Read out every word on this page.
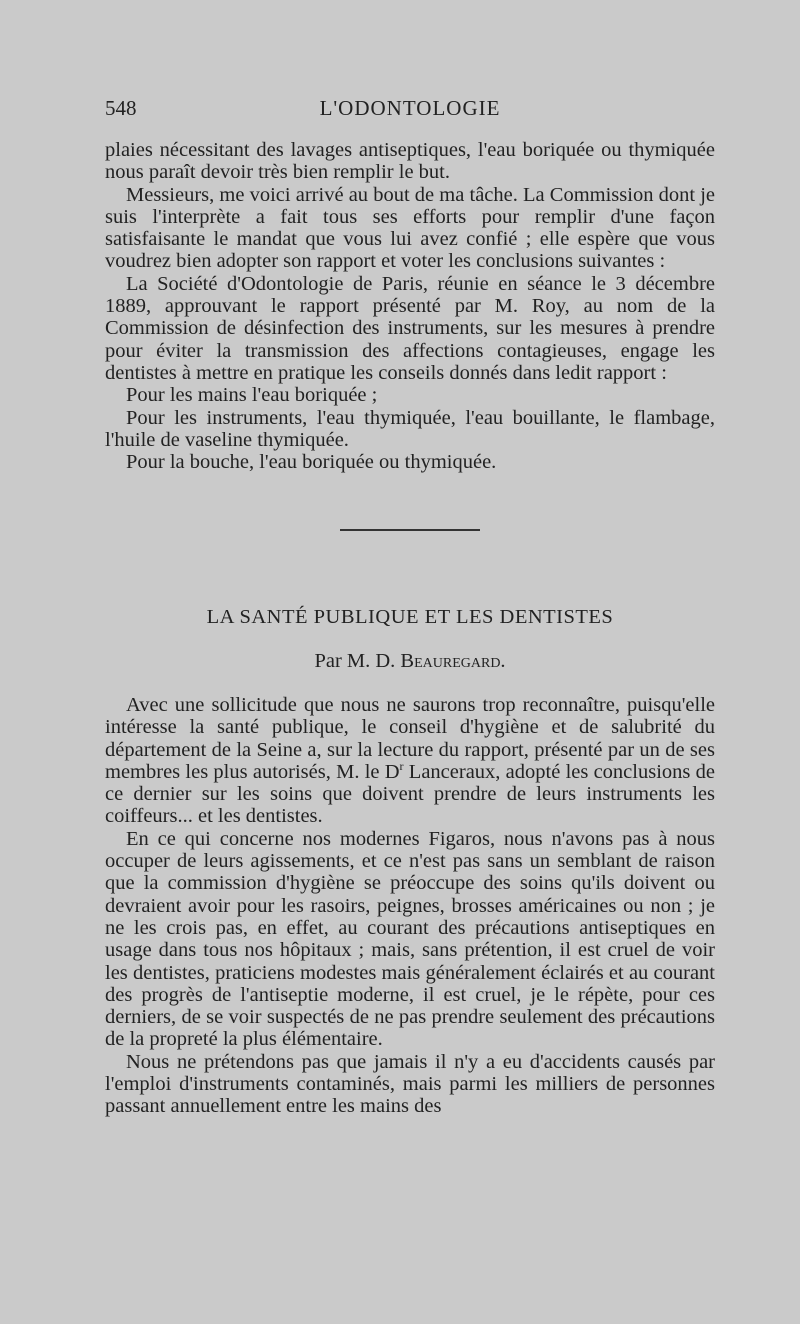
548	L'ODONTOLOGIE

plaies nécessitant des lavages antiseptiques, l'eau boriquée ou thymiquée nous paraît devoir très bien remplir le but.

Messieurs, me voici arrivé au bout de ma tâche. La Commission dont je suis l'interprète a fait tous ses efforts pour remplir d'une façon satisfaisante le mandat que vous lui avez confié ; elle espère que vous voudrez bien adopter son rapport et voter les conclusions suivantes :

La Société d'Odontologie de Paris, réunie en séance le 3 décembre 1889, approuvant le rapport présenté par M. Roy, au nom de la Commission de désinfection des instruments, sur les mesures à prendre pour éviter la transmission des affections contagieuses, engage les dentistes à mettre en pratique les conseils donnés dans ledit rapport :

Pour les mains l'eau boriquée ;

Pour les instruments, l'eau thymiquée, l'eau bouillante, le flambage, l'huile de vaseline thymiquée.

Pour la bouche, l'eau boriquée ou thymiquée.

LA SANTÉ PUBLIQUE ET LES DENTISTES
Par M. D. Beauregard.

Avec une sollicitude que nous ne saurons trop reconnaître, puisqu'elle intéresse la santé publique, le conseil d'hygiène et de salubrité du département de la Seine a, sur la lecture du rapport, présenté par un de ses membres les plus autorisés, M. le $D^r$ Lanceraux, adopté les conclusions de ce dernier sur les soins que doivent prendre de leurs instruments les coiffeurs... et les dentistes.

En ce qui concerne nos modernes Figaros, nous n'avons pas à nous occuper de leurs agissements, et ce n'est pas sans un semblant de raison que la commission d'hygiène se préoccupe des soins qu'ils doivent ou devraient avoir pour les rasoirs, peignes, brosses américaines ou non ; je ne les crois pas, en effet, au courant des précautions antiseptiques en usage dans tous nos hôpitaux ; mais, sans prétention, il est cruel de voir les dentistes, praticiens modestes mais généralement éclairés et au courant des progrès de l'antiseptie moderne, il est cruel, je le répète, pour ces derniers, de se voir suspectés de ne pas prendre seulement des précautions de la propreté la plus élémentaire.

Nous ne prétendons pas que jamais il n'y a eu d'accidents causés par l'emploi d'instruments contaminés, mais parmi les milliers de personnes passant annuellement entre les mains des
